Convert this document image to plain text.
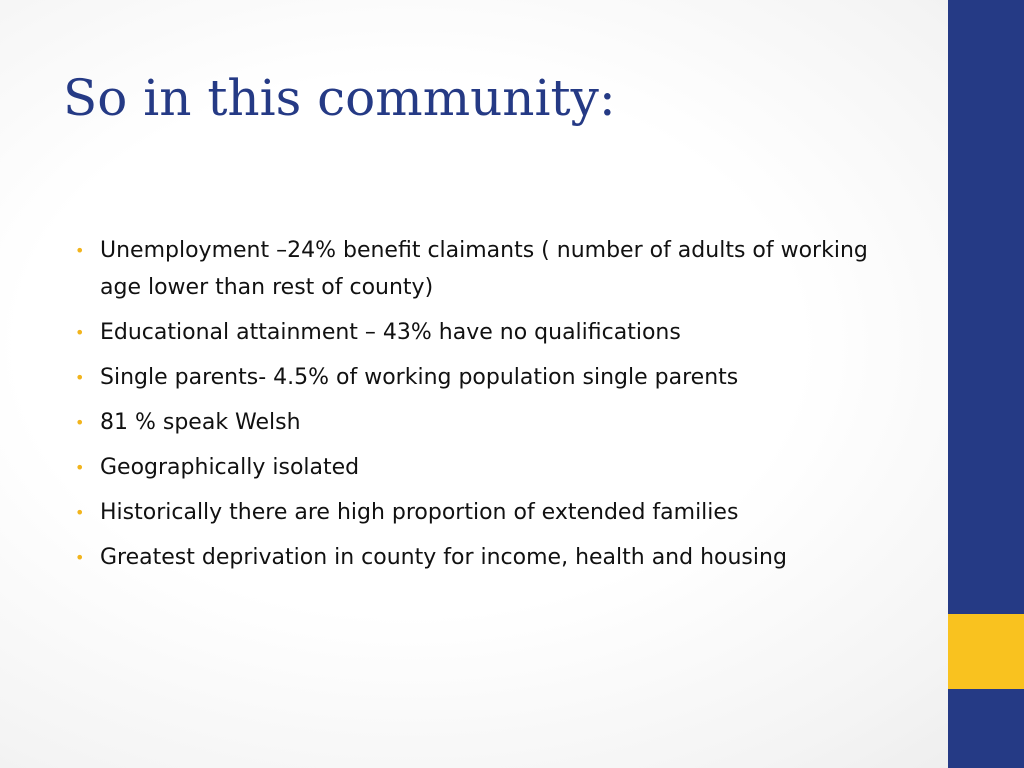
So in this community:
• Unemployment –24% benefit claimants ( number of adults of working age lower than rest of county)
• Educational attainment – 43% have no qualifications
• Single parents- 4.5% of working population single parents
• 81 % speak Welsh
• Geographically isolated
• Historically there are high proportion of extended families
• Greatest deprivation in county for income, health and housing
